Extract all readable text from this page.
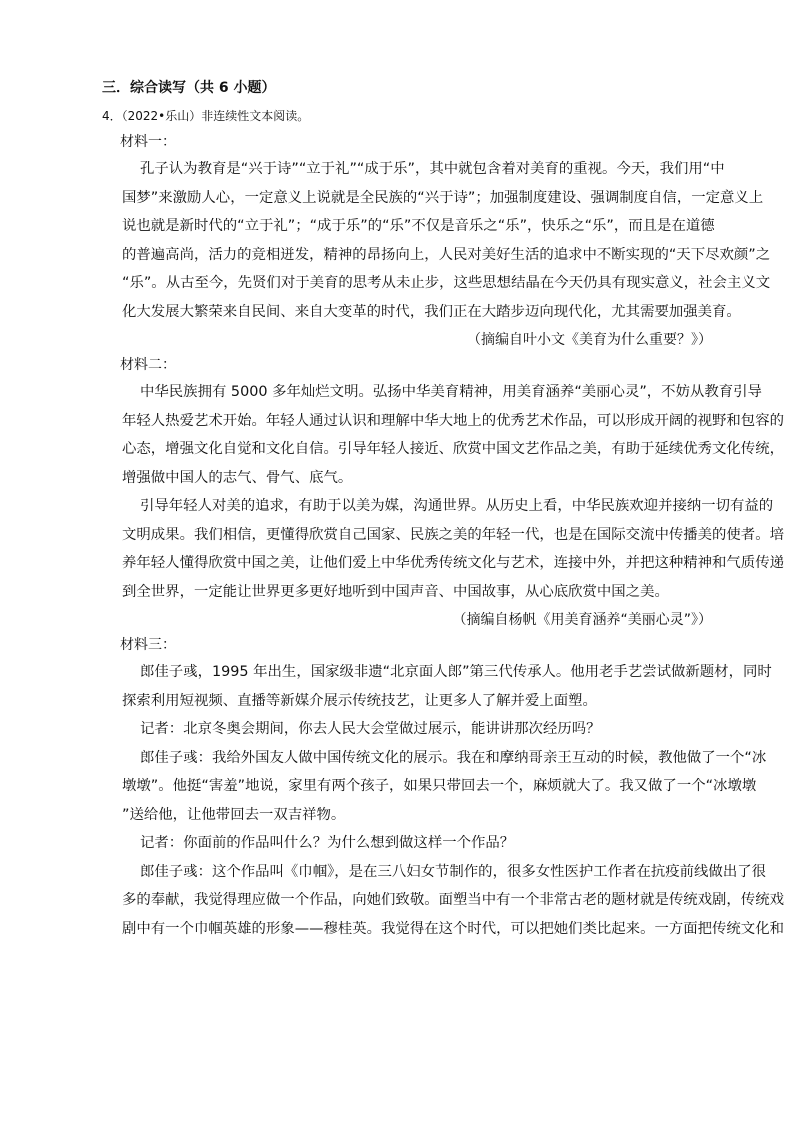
三．综合读写（共 6 小题）
4．（2022•乐山）非连续性文本阅读。
材料一：
孔子认为教育是“兴于诗”“立于礼”“成于乐”，其中就包含着对美育的重视。今天，我们用“中
国梦”来激励人心，一定意义上说就是全民族的“兴于诗”；加强制度建设、强调制度自信，一定意义上
说也就是新时代的“立于礼”；“成于乐”的“乐”不仅是音乐之“乐”，快乐之“乐”，而且是在道德
的普遍高尚，活力的竞相迸发，精神的昂扬向上，人民对美好生活的追求中不断实现的“天下尽欢颜”之
“乐”。从古至今，先贤们对于美育的思考从未止步，这些思想结晶在今天仍具有现实意义，社会主义文
化大发展大繁荣来自民间、来自大变革的时代，我们正在大踏步迈向现代化，尤其需要加强美育。
（摘编自叶小文《美育为什么重要？》）
材料二：
中华民族拥有 5000 多年灿烂文明。弘扬中华美育精神，用美育涵养“美丽心灵”，不妨从教育引导
年轻人热爱艺术开始。年轻人通过认识和理解中华大地上的优秀艺术作品，可以形成开阔的视野和包容的
心态，增强文化自觉和文化自信。引导年轻人接近、欣赏中国文艺作品之美，有助于延续优秀文化传统，
增强做中国人的志气、骨气、底气。
引导年轻人对美的追求，有助于以美为媒，沟通世界。从历史上看，中华民族欢迎并接纳一切有益的
文明成果。我们相信，更懂得欣赏自己国家、民族之美的年轻一代，也是在国际交流中传播美的使者。培
养年轻人懂得欣赏中国之美，让他们爱上中华优秀传统文化与艺术，连接中外，并把这种精神和气质传递
到全世界，一定能让世界更多更好地听到中国声音、中国故事，从心底欣赏中国之美。
（摘编自杨帆《用美育涵养“美丽心灵”》）
材料三：
郎佳子彧，1995 年出生，国家级非遗“北京面人郎”第三代传承人。他用老手艺尝试做新题材，同时
探索利用短视频、直播等新媒介展示传统技艺，让更多人了解并爱上面塑。
记者：北京冬奥会期间，你去人民大会堂做过展示，能讲讲那次经历吗？
郎佳子彧：我给外国友人做中国传统文化的展示。我在和摩纳哥亲王互动的时候，教他做了一个“冰
墩墩”。他挺“害羞”地说，家里有两个孩子，如果只带回去一个，麻烦就大了。我又做了一个“冰墩墩
”送给他，让他带回去一双吉祥物。
记者：你面前的作品叫什么？为什么想到做这样一个作品？
郎佳子彧：这个作品叫《巾帼》，是在三八妇女节制作的，很多女性医护工作者在抗疫前线做出了很
多的奉献，我觉得理应做一个作品，向她们致敬。面塑当中有一个非常古老的题材就是传统戏剧，传统戏
剧中有一个巾帼英雄的形象——穆桂英。我觉得在这个时代，可以把她们类比起来。一方面把传统文化和
